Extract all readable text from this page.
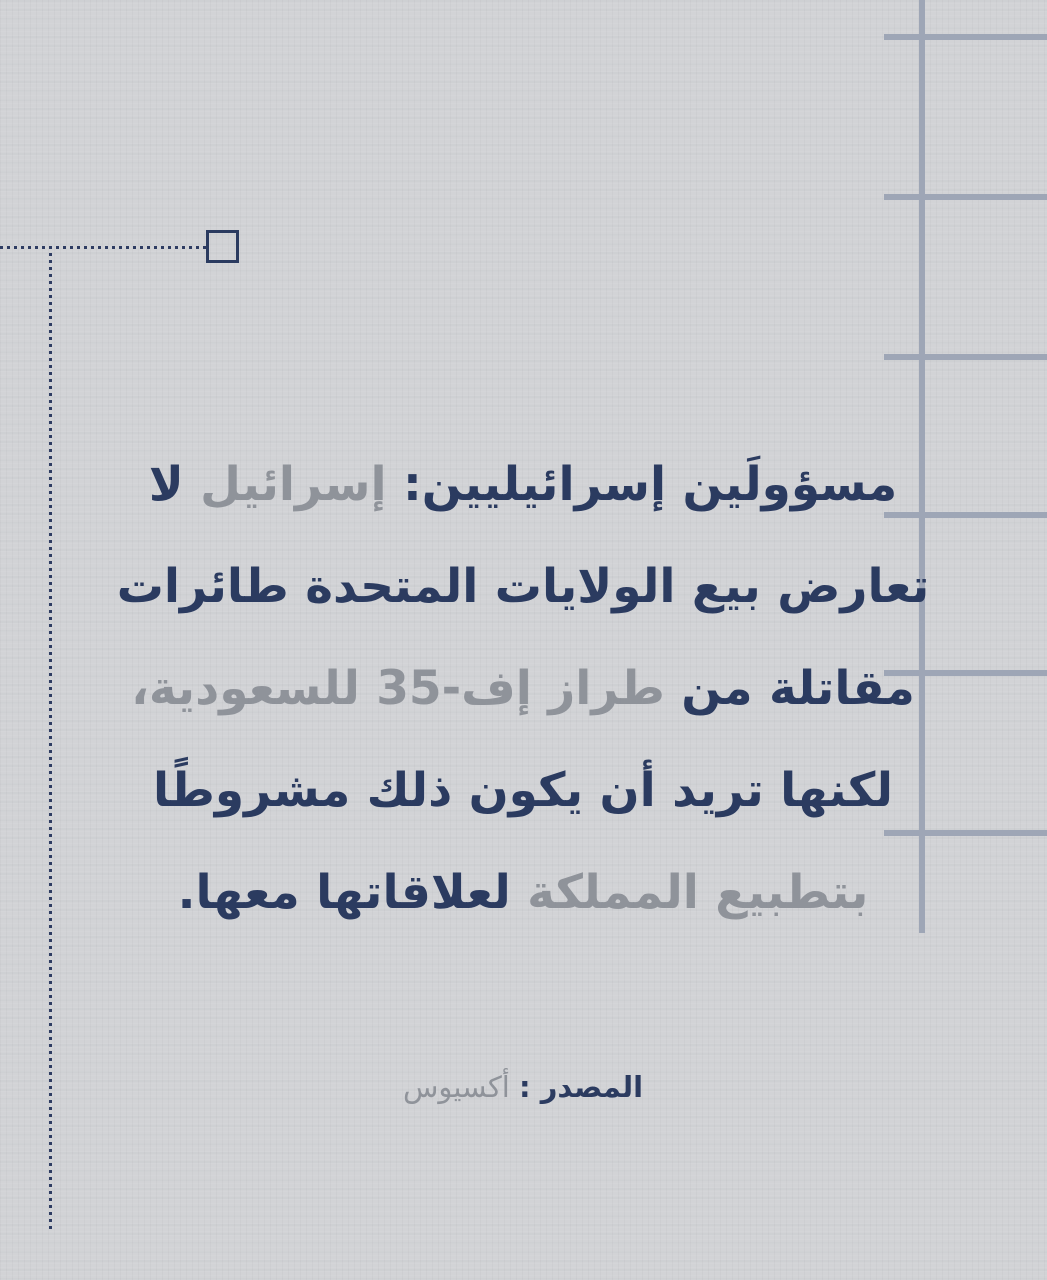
مسؤولَين إسرائيليين: إسرائيل لا
تعارض بيع الولايات المتحدة طائرات
مقاتلة من طراز إف-35 للسعودية،
لكنها تريد أن يكون ذلك مشروطًا
بتطبيع المملكة لعلاقاتها معها.
المصدر : أكسيوس
